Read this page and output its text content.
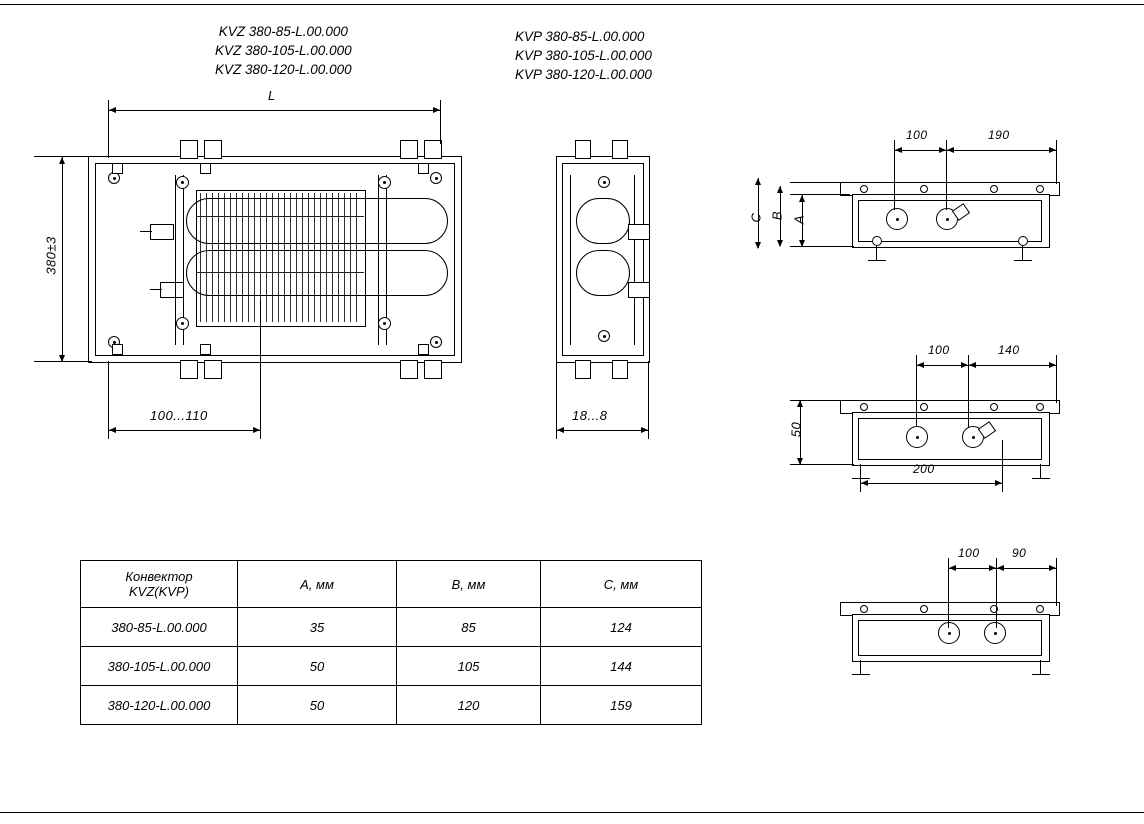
KVZ 380-85-L.00.000
KVZ 380-105-L.00.000
KVZ 380-120-L.00.000
KVP 380-85-L.00.000
KVP 380-105-L.00.000
KVP 380-120-L.00.000
L
380±3
100...110	18...8
A
B
C
100	190
50
100	140
200
100	90
Конвектор
KVZ(KVP)	A, мм	B, мм	C, мм
380-85-L.00.000	35	85	124
380-105-L.00.000	50	105	144
380-120-L.00.000	50	120	159
